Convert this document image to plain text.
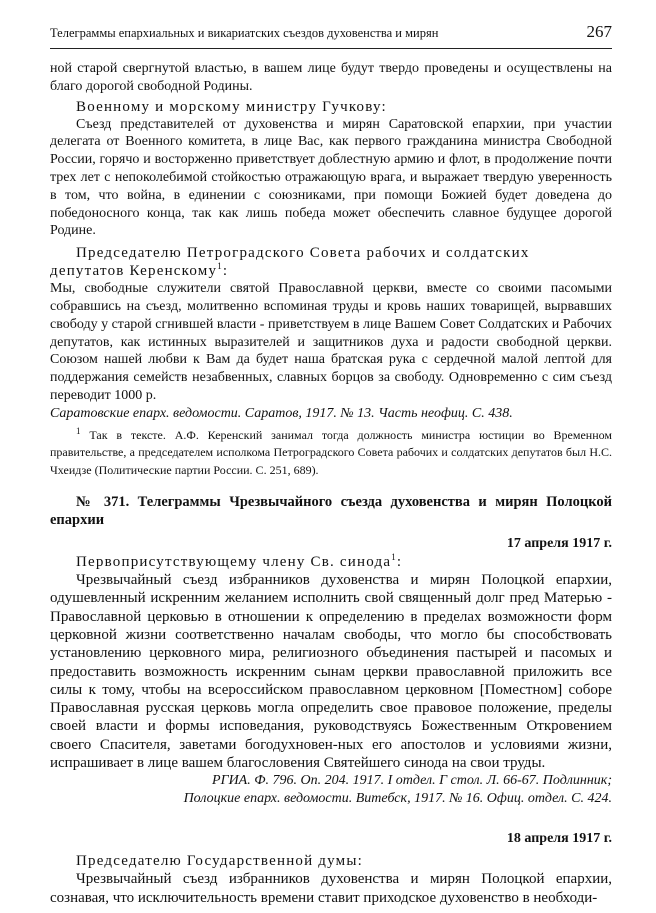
Телеграммы епархиальных и викариатских съездов духовенства и мирян	267

ной старой свергнутой властью, в вашем лице будут твердо проведены и осуществлены на благо дорогой свободной Родины.

Военному и морскому министру Гучкову:

Съезд представителей от духовенства и мирян Саратовской епархии, при участии делегата от Военного комитета, в лице Вас, как первого гражданина министра Свободной России, горячо и восторженно приветствует доблестную армию и флот, в продолжение почти трех лет с непоколебимой стойкостью отражающую врага, и выражает твердую уверенность в том, что война, в единении с союзниками, при помощи Божией будет доведена до победоносного конца, так как лишь победа может обеспечить славное будущее дорогой Родине.

Председателю Петроградского Совета рабочих и солдатских

депутатов Керенскому$^1$:

Мы, свободные служители святой Православной церкви, вместе со своими пасомыми собравшись на съезд, молитвенно вспоминая труды и кровь наших товарищей, вырвавших свободу у старой сгнившей власти - приветствуем в лице Вашем Совет Солдатских и Рабочих депутатов, как истинных выразителей и защитников духа и радости свободной церкви. Союзом нашей любви к Вам да будет наша братская рука с сердечной малой лептой для поддержания семейств незабвенных, славных борцов за свободу. Одновременно с сим съезд переводит 1000 р.

Саратовские епарх. ведомости. Саратов, 1917. № 13. Часть неофиц. С. 438.

$^1$ Так в тексте. А.Ф. Керенский занимал тогда должность министра юстиции во Временном правительстве, а председателем исполкома Петроградского Совета рабочих и солдатских депутатов был Н.С. Чхеидзе (Политические партии России. С. 251, 689).

№ 371. Телеграммы Чрезвычайного съезда духовенства и мирян Полоцкой епархии

17 апреля 1917 г.

Первоприсутствующему члену Св. синода$^1$:

Чрезвычайный съезд избранников духовенства и мирян Полоцкой епархии, одушевленный искренним желанием исполнить свой священный долг пред Матерью - Православной церковью в отношении к определению в пределах возможности форм церковной жизни соответственно началам свободы, что могло бы способствовать установлению церковного мира, религиозного объединения пастырей и пасомых и предоставить возможность искренним сынам церкви православной приложить все силы к тому, чтобы на всероссийском православном церковном [Поместном] соборе Православная русская церковь могла определить свое правовое положение, пределы своей власти и формы исповедания, руководствуясь Божественным Откровением своего Спасителя, заветами богодухновен-ных его апостолов и условиями жизни, испрашивает в лице вашем благословения Святейшего синода на свои труды.

РГИА. Ф. 796. Оп. 204. 1917. I отдел. Г стол. Л. 66-67. Подлинник;

Полоцкие епарх. ведомости. Витебск, 1917. № 16. Офиц. отдел. С. 424.

18 апреля 1917 г.

Председателю Государственной думы:

Чрезвычайный съезд избранников духовенства и мирян Полоцкой епархии, сознавая, что исключительность времени ставит приходское духовенство в необходи-
